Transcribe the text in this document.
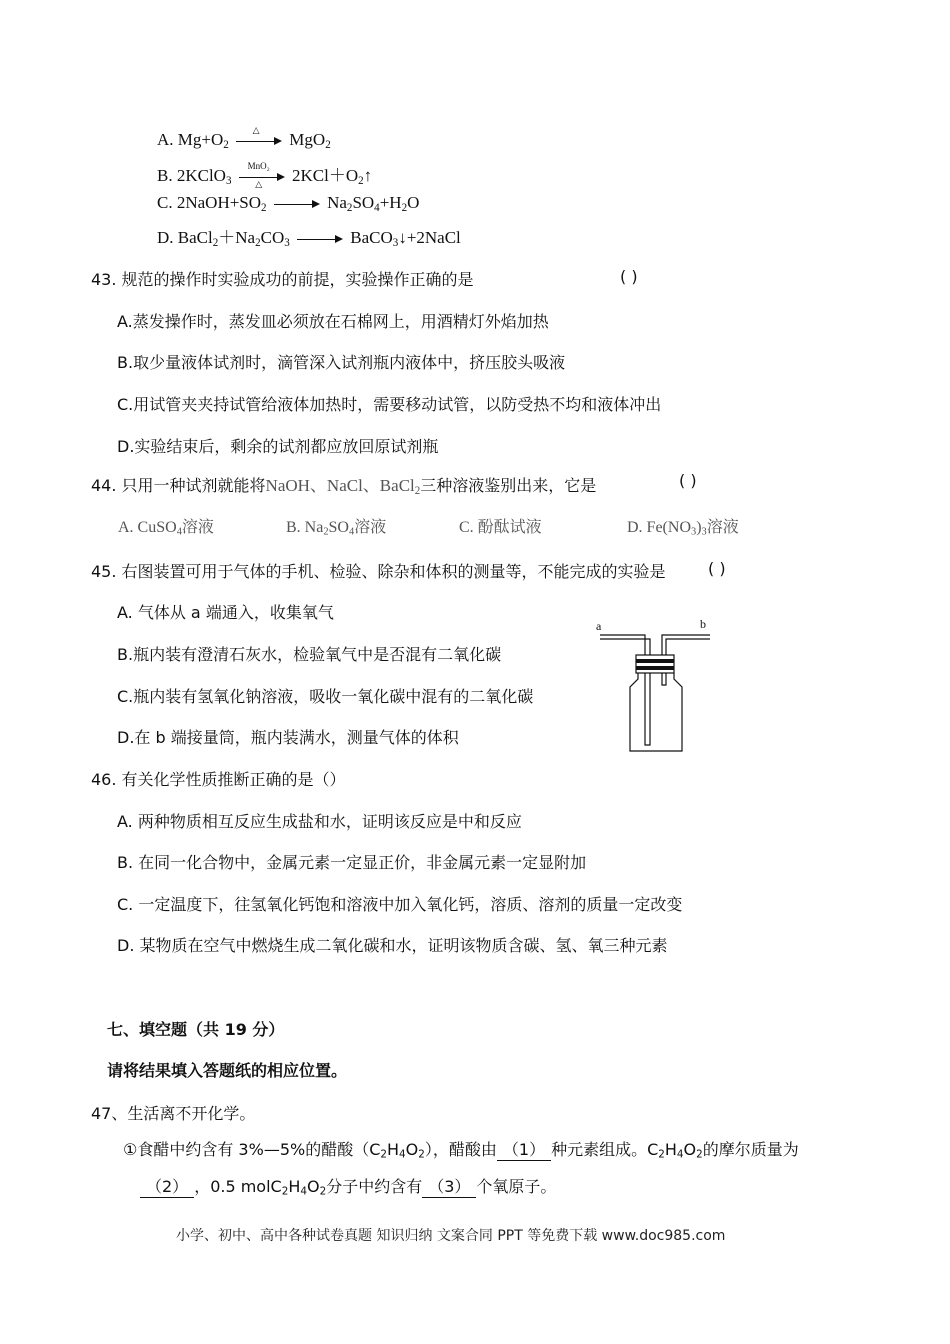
A. $Mg+O_2$
△	MgO$_2$
B. 2KClO$_3$
MnO₂
△	$2KCl+O_2↑$
C. $2NaOH+SO_2$	$Na_2SO_4+H_2O$
D. $BaCl_2+Na_2CO_3$	BaCO$_3$↓+2NaCl
43. 规范的操作时实验成功的前提，实验操作正确的是	( )
A.蒸发操作时，蒸发皿必须放在石棉网上，用酒精灯外焰加热
B.取少量液体试剂时，滴管深入试剂瓶内液体中，挤压胶头吸液
C.用试管夹夹持试管给液体加热时，需要移动试管，以防受热不均和液体冲出
D.实验结束后，剩余的试剂都应放回原试剂瓶
44. 只用一种试剂就能将NaOH、NaCl、BaCl$_2$三种溶液鉴别出来，它是	( )
A. CuSO$_4$溶液	B. $Na_2SO_4$溶液	C. 酚酞试液	D. $Fe(NO_3)_3$溶液
45. 右图装置可用于气体的手机、检验、除杂和体积的测量等，不能完成的实验是	( )
A. 气体从 a 端通入，收集氧气
B.瓶内装有澄清石灰水，检验氧气中是否混有二氧化碳
C.瓶内装有氢氧化钠溶液，吸收一氧化碳中混有的二氧化碳
D.在 b 端接量筒，瓶内装满水，测量气体的体积
a	b
46. 有关化学性质推断正确的是（）
A. 两种物质相互反应生成盐和水，证明该反应是中和反应
B. 在同一化合物中，金属元素一定显正价，非金属元素一定显附加
C. 一定温度下，往氢氧化钙饱和溶液中加入氧化钙，溶质、溶剂的质量一定改变
D. 某物质在空气中燃烧生成二氧化碳和水，证明该物质含碳、氢、氧三种元素
七、填空题（共 19 分）
请将结果填入答题纸的相应位置。
47、生活离不开化学。
①食醋中约含有 3%—5%的醋酸$(C_2H_4O_2)$，醋酸由 （1） 种元素组成。$C_2H_4O_2$的摩尔质量为
（2） ，0.5 $molC_2H_4O_2$分子中约含有 （3） 个氧原子。
小学、初中、高中各种试卷真题 知识归纳 文案合同 PPT 等免费下载 www.doc985.com
